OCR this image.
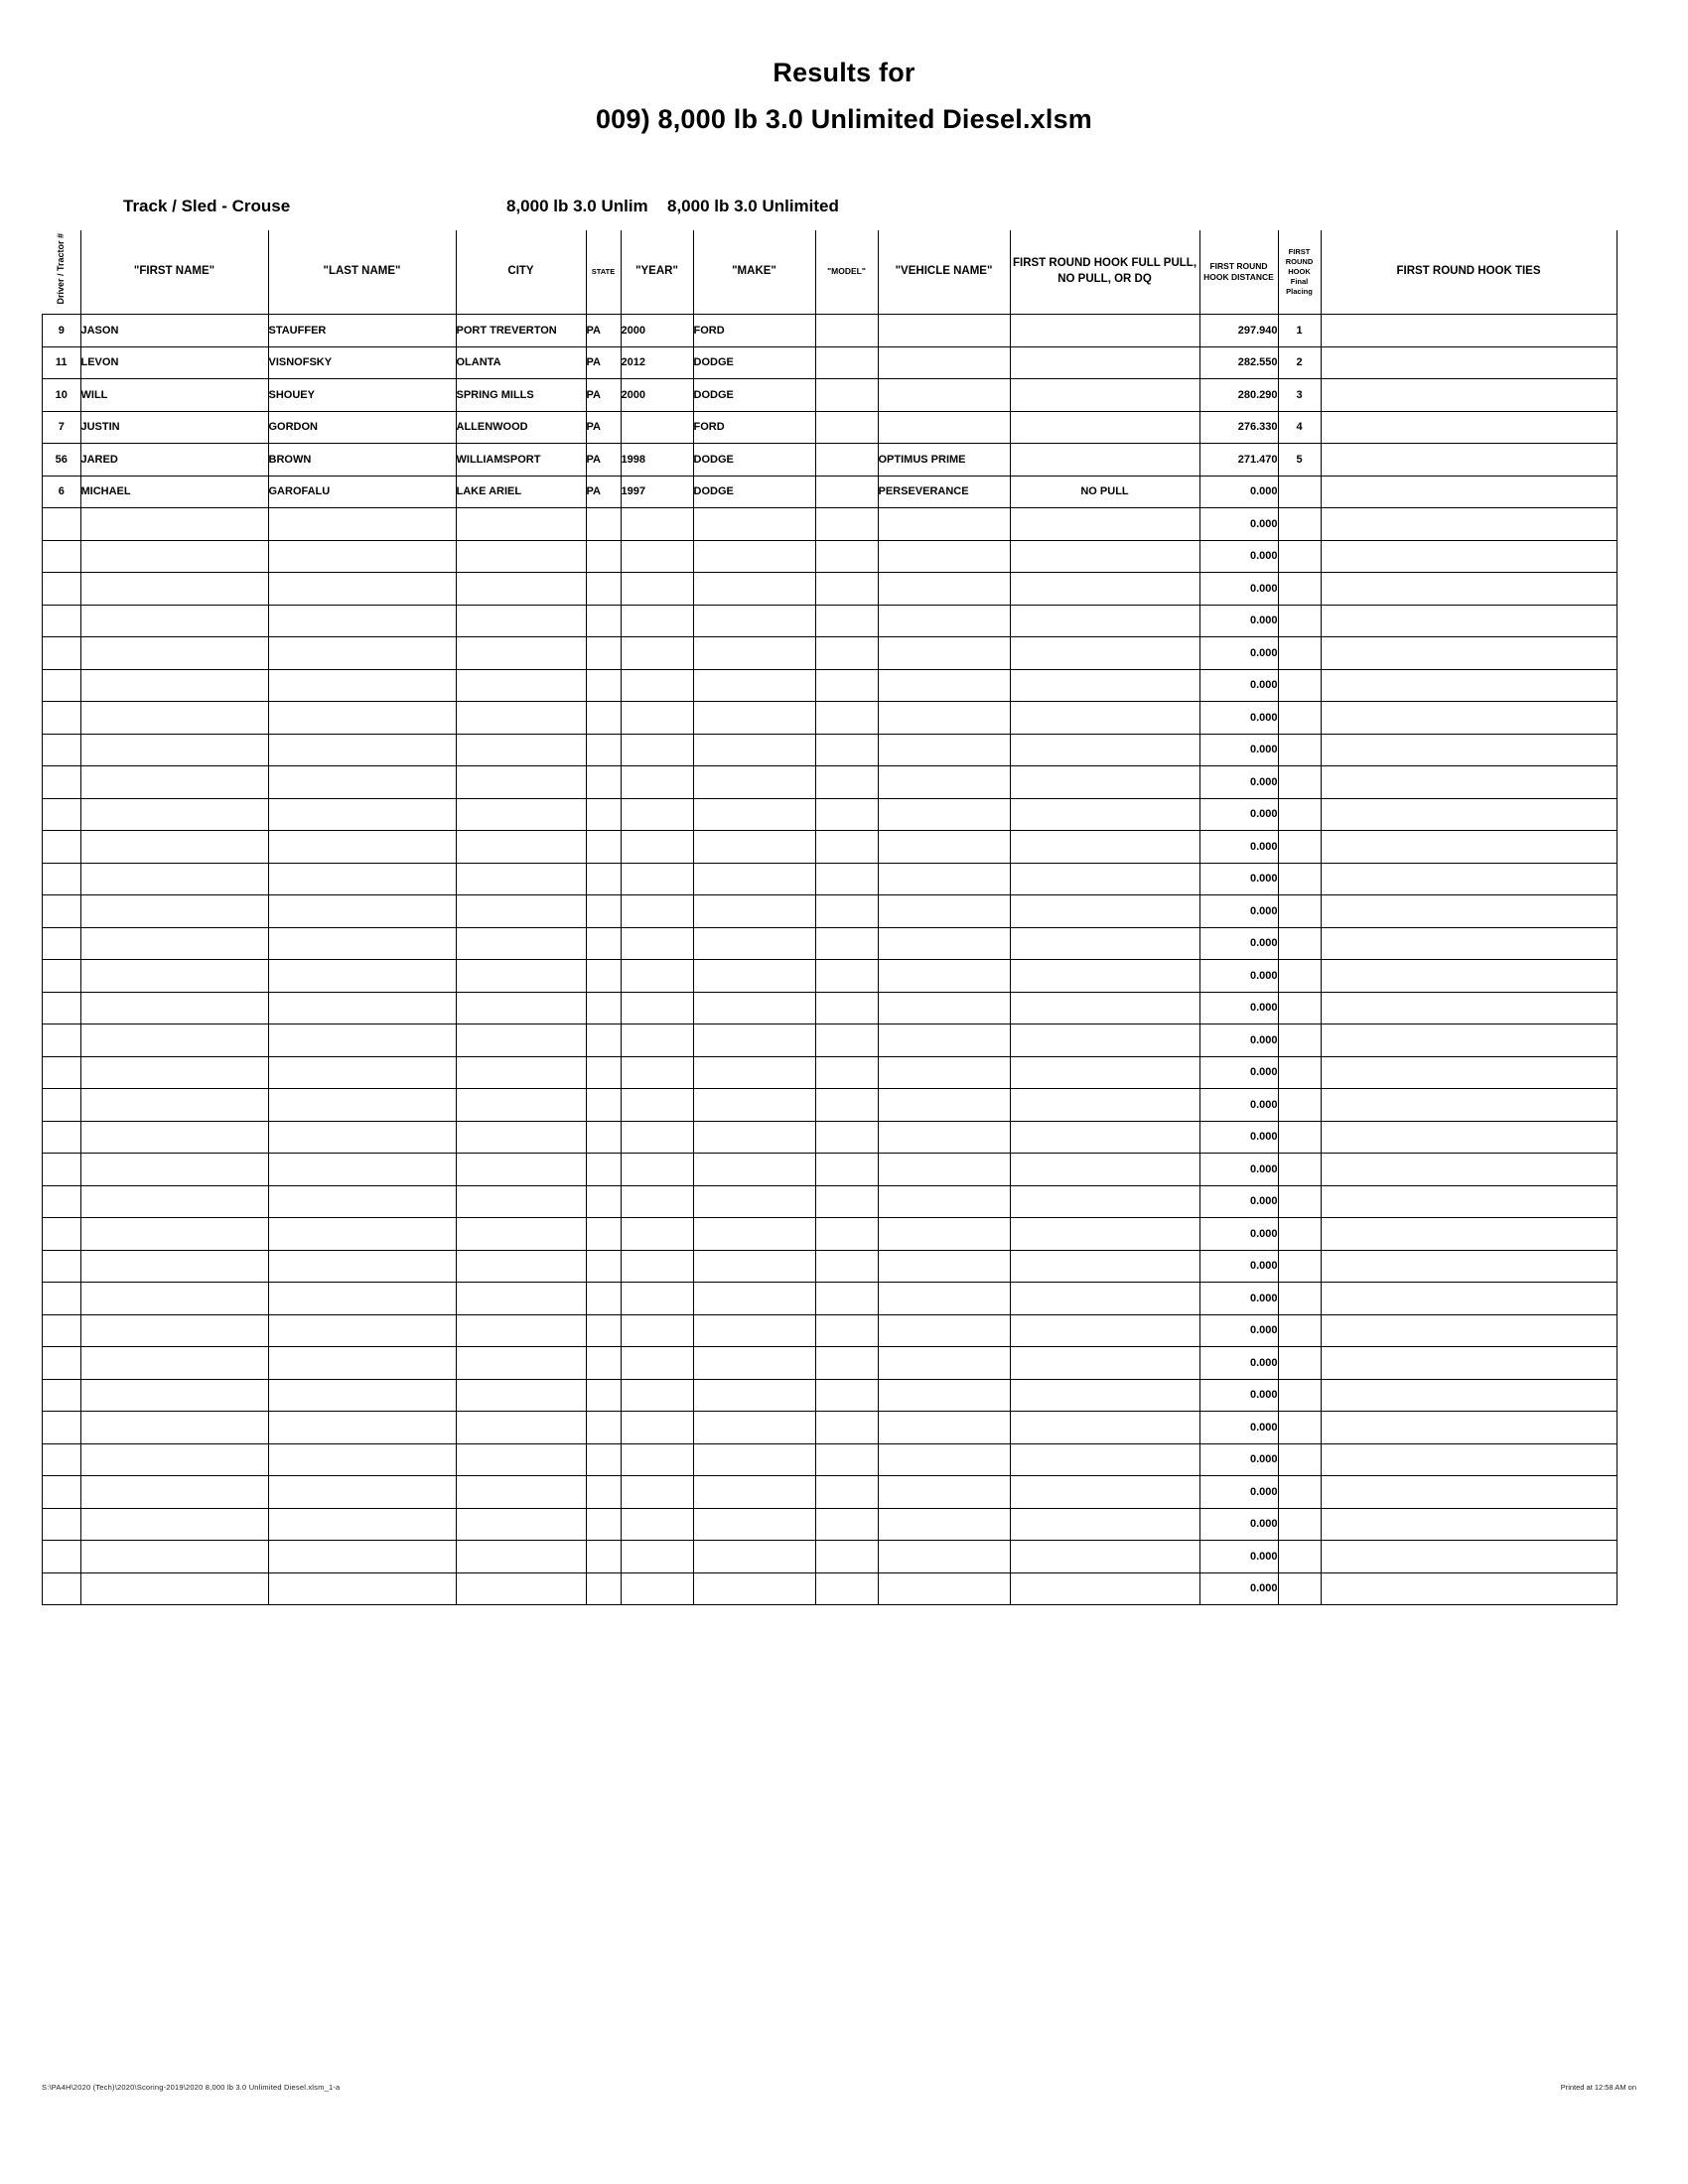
Results for
009) 8,000 lb 3.0 Unlimited Diesel.xlsm
Track / Sled - Crouse	8,000 lb 3.0 Unlim 8,000 lb 3.0 Unlimited
Driver / Tractor #	"FIRST NAME"	"LAST NAME"	CITY	STATE	"YEAR"	"MAKE"	"MODEL"	"VEHICLE NAME"	FIRST ROUND HOOK FULL PULL, NO PULL, OR DQ	FIRST ROUND HOOK DISTANCE	FIRST ROUND HOOK Final Placing	FIRST ROUND HOOK TIES
9	JASON	STAUFFER	PORT TREVERTON	PA	2000	FORD				297.940	1	
11	LEVON	VISNOFSKY	OLANTA	PA	2012	DODGE				282.550	2	
10	WILL	SHOUEY	SPRING MILLS	PA	2000	DODGE				280.290	3	
7	JUSTIN	GORDON	ALLENWOOD	PA		FORD				276.330	4	
56	JARED	BROWN	WILLIAMSPORT	PA	1998	DODGE		OPTIMUS PRIME		271.470	5	
6	MICHAEL	GAROFALU	LAKE ARIEL	PA	1997	DODGE		PERSEVERANCE	NO PULL	0.000		
										0.000		
										0.000		
										0.000		
										0.000		
										0.000		
										0.000		
										0.000		
										0.000		
										0.000		
										0.000		
										0.000		
										0.000		
										0.000		
										0.000		
										0.000		
										0.000		
										0.000		
										0.000		
										0.000		
										0.000		
										0.000		
										0.000		
										0.000		
										0.000		
										0.000		
										0.000		
										0.000		
										0.000		
										0.000		
										0.000		
										0.000		
										0.000		
										0.000		
										0.000		
S:\PA4H\2020 (Tech)\2020\Scoring-2019\2020 8,000 lb 3.0 Unlimited Diesel.xlsm_1-a	Printed at 12:58 AM on
